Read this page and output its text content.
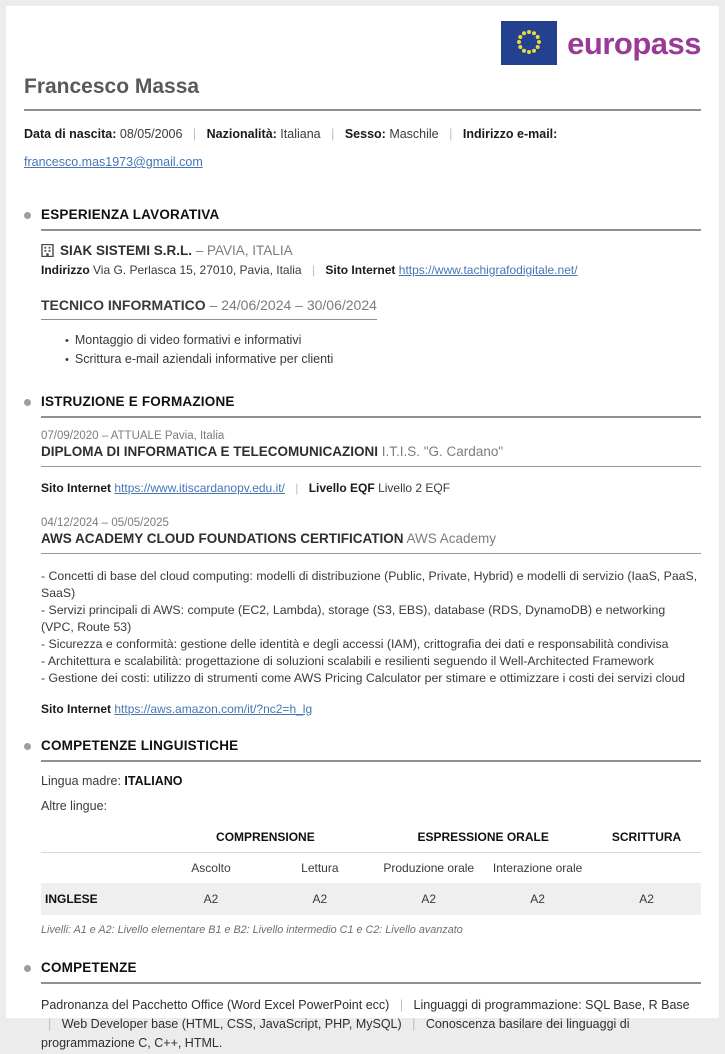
europass
Francesco Massa
Data di nascita: 08/05/2006 | Nazionalità: Italiana | Sesso: Maschile | Indirizzo e-mail:
francesco.mas1973@gmail.com
ESPERIENZA LAVORATIVA
SIAK SISTEMI S.R.L. – PAVIA, ITALIA
Indirizzo Via G. Perlasca 15, 27010, Pavia, Italia | Sito Internet https://www.tachigrafodigitale.net/
TECNICO INFORMATICO – 24/06/2024 – 30/06/2024
• Montaggio di video formativi e informativi
• Scrittura e-mail aziendali informative per clienti
ISTRUZIONE E FORMAZIONE
07/09/2020 – ATTUALE Pavia, Italia
DIPLOMA DI INFORMATICA E TELECOMUNICAZIONI I.T.I.S. "G. Cardano"
Sito Internet https://www.itiscardanopv.edu.it/ | Livello EQF Livello 2 EQF
04/12/2024 – 05/05/2025
AWS ACADEMY CLOUD FOUNDATIONS CERTIFICATION AWS Academy
- Concetti di base del cloud computing: modelli di distribuzione (Public, Private, Hybrid) e modelli di servizio (IaaS, PaaS, SaaS)
- Servizi principali di AWS: compute (EC2, Lambda), storage (S3, EBS), database (RDS, DynamoDB) e networking (VPC, Route 53)
- Sicurezza e conformità: gestione delle identità e degli accessi (IAM), crittografia dei dati e responsabilità condivisa
- Architettura e scalabilità: progettazione di soluzioni scalabili e resilienti seguendo il Well-Architected Framework
- Gestione dei costi: utilizzo di strumenti come AWS Pricing Calculator per stimare e ottimizzare i costi dei servizi cloud
Sito Internet https://aws.amazon.com/it/?nc2=h_lg
COMPETENZE LINGUISTICHE
Lingua madre: ITALIANO
Altre lingue:
	COMPRENSIONE		ESPRESSIONE ORALE		SCRITTURA
	Ascolto	Lettura	Produzione orale	Interazione orale	
INGLESE	A2	A2	A2	A2	A2
Livelli: A1 e A2: Livello elementare B1 e B2: Livello intermedio C1 e C2: Livello avanzato
COMPETENZE

Padronanza del Pacchetto Office (Word Excel PowerPoint ecc) | Linguaggi di programmazione: SQL Base, R Base | Web Developer base (HTML, CSS, JavaScript, PHP, MySQL) | Conoscenza basilare dei linguaggi di programmazione C, C++, HTML.
